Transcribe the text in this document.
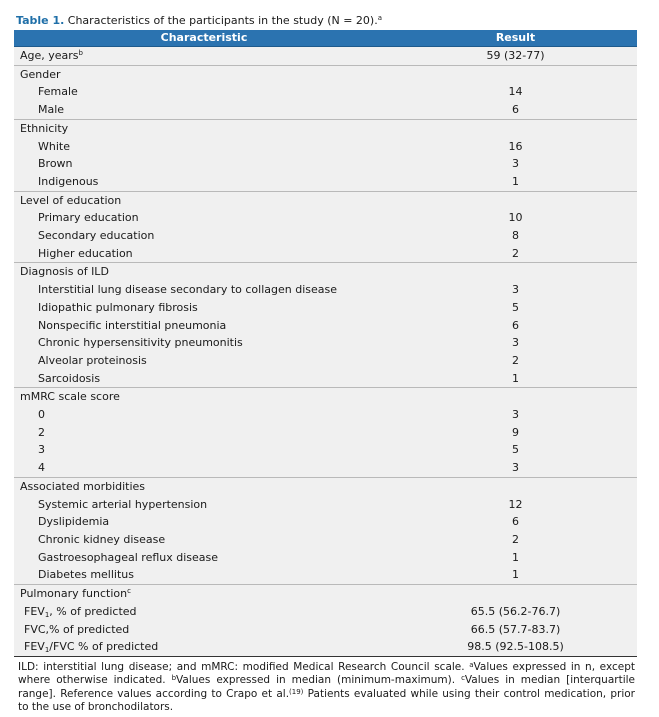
Table 1. Characteristics of the participants in the study (N = 20).$^a$
Characteristic	Result
Age, years$^b$	59 (32-77)
Gender	
Female	14
Male	6
Ethnicity	
White	16
Brown	3
Indigenous	1
Level of education	
Primary education	10
Secondary education	8
Higher education	2
Diagnosis of ILD	
Interstitial lung disease secondary to collagen disease	3
Idiopathic pulmonary fibrosis	5
Nonspecific interstitial pneumonia	6
Chronic hypersensitivity pneumonitis	3
Alveolar proteinosis	2
Sarcoidosis	1
mMRC scale score	
0	3
2	9
3	5
4	3
Associated morbidities	
Systemic arterial hypertension	12
Dyslipidemia	6
Chronic kidney disease	2
Gastroesophageal reflux disease	1
Diabetes mellitus	1
Pulmonary function$^c$	
$FEV_1$, % of predicted	65.5 (56.2-76.7)
FVC,% of predicted	66.5 (57.7-83.7)
$FEV_1$/FVC % of predicted	98.5 (92.5-108.5)
ILD: interstitial lung disease; and mMRC: modified Medical Research Council scale. $^a$Values expressed in n, except where otherwise indicated. $^b$Values expressed in median (minimum-maximum). $^c$Values in median [interquartile range]. Reference values according to Crapo et al.$^{(19)}$ Patients evaluated while using their control medication, prior to the use of bronchodilators.
